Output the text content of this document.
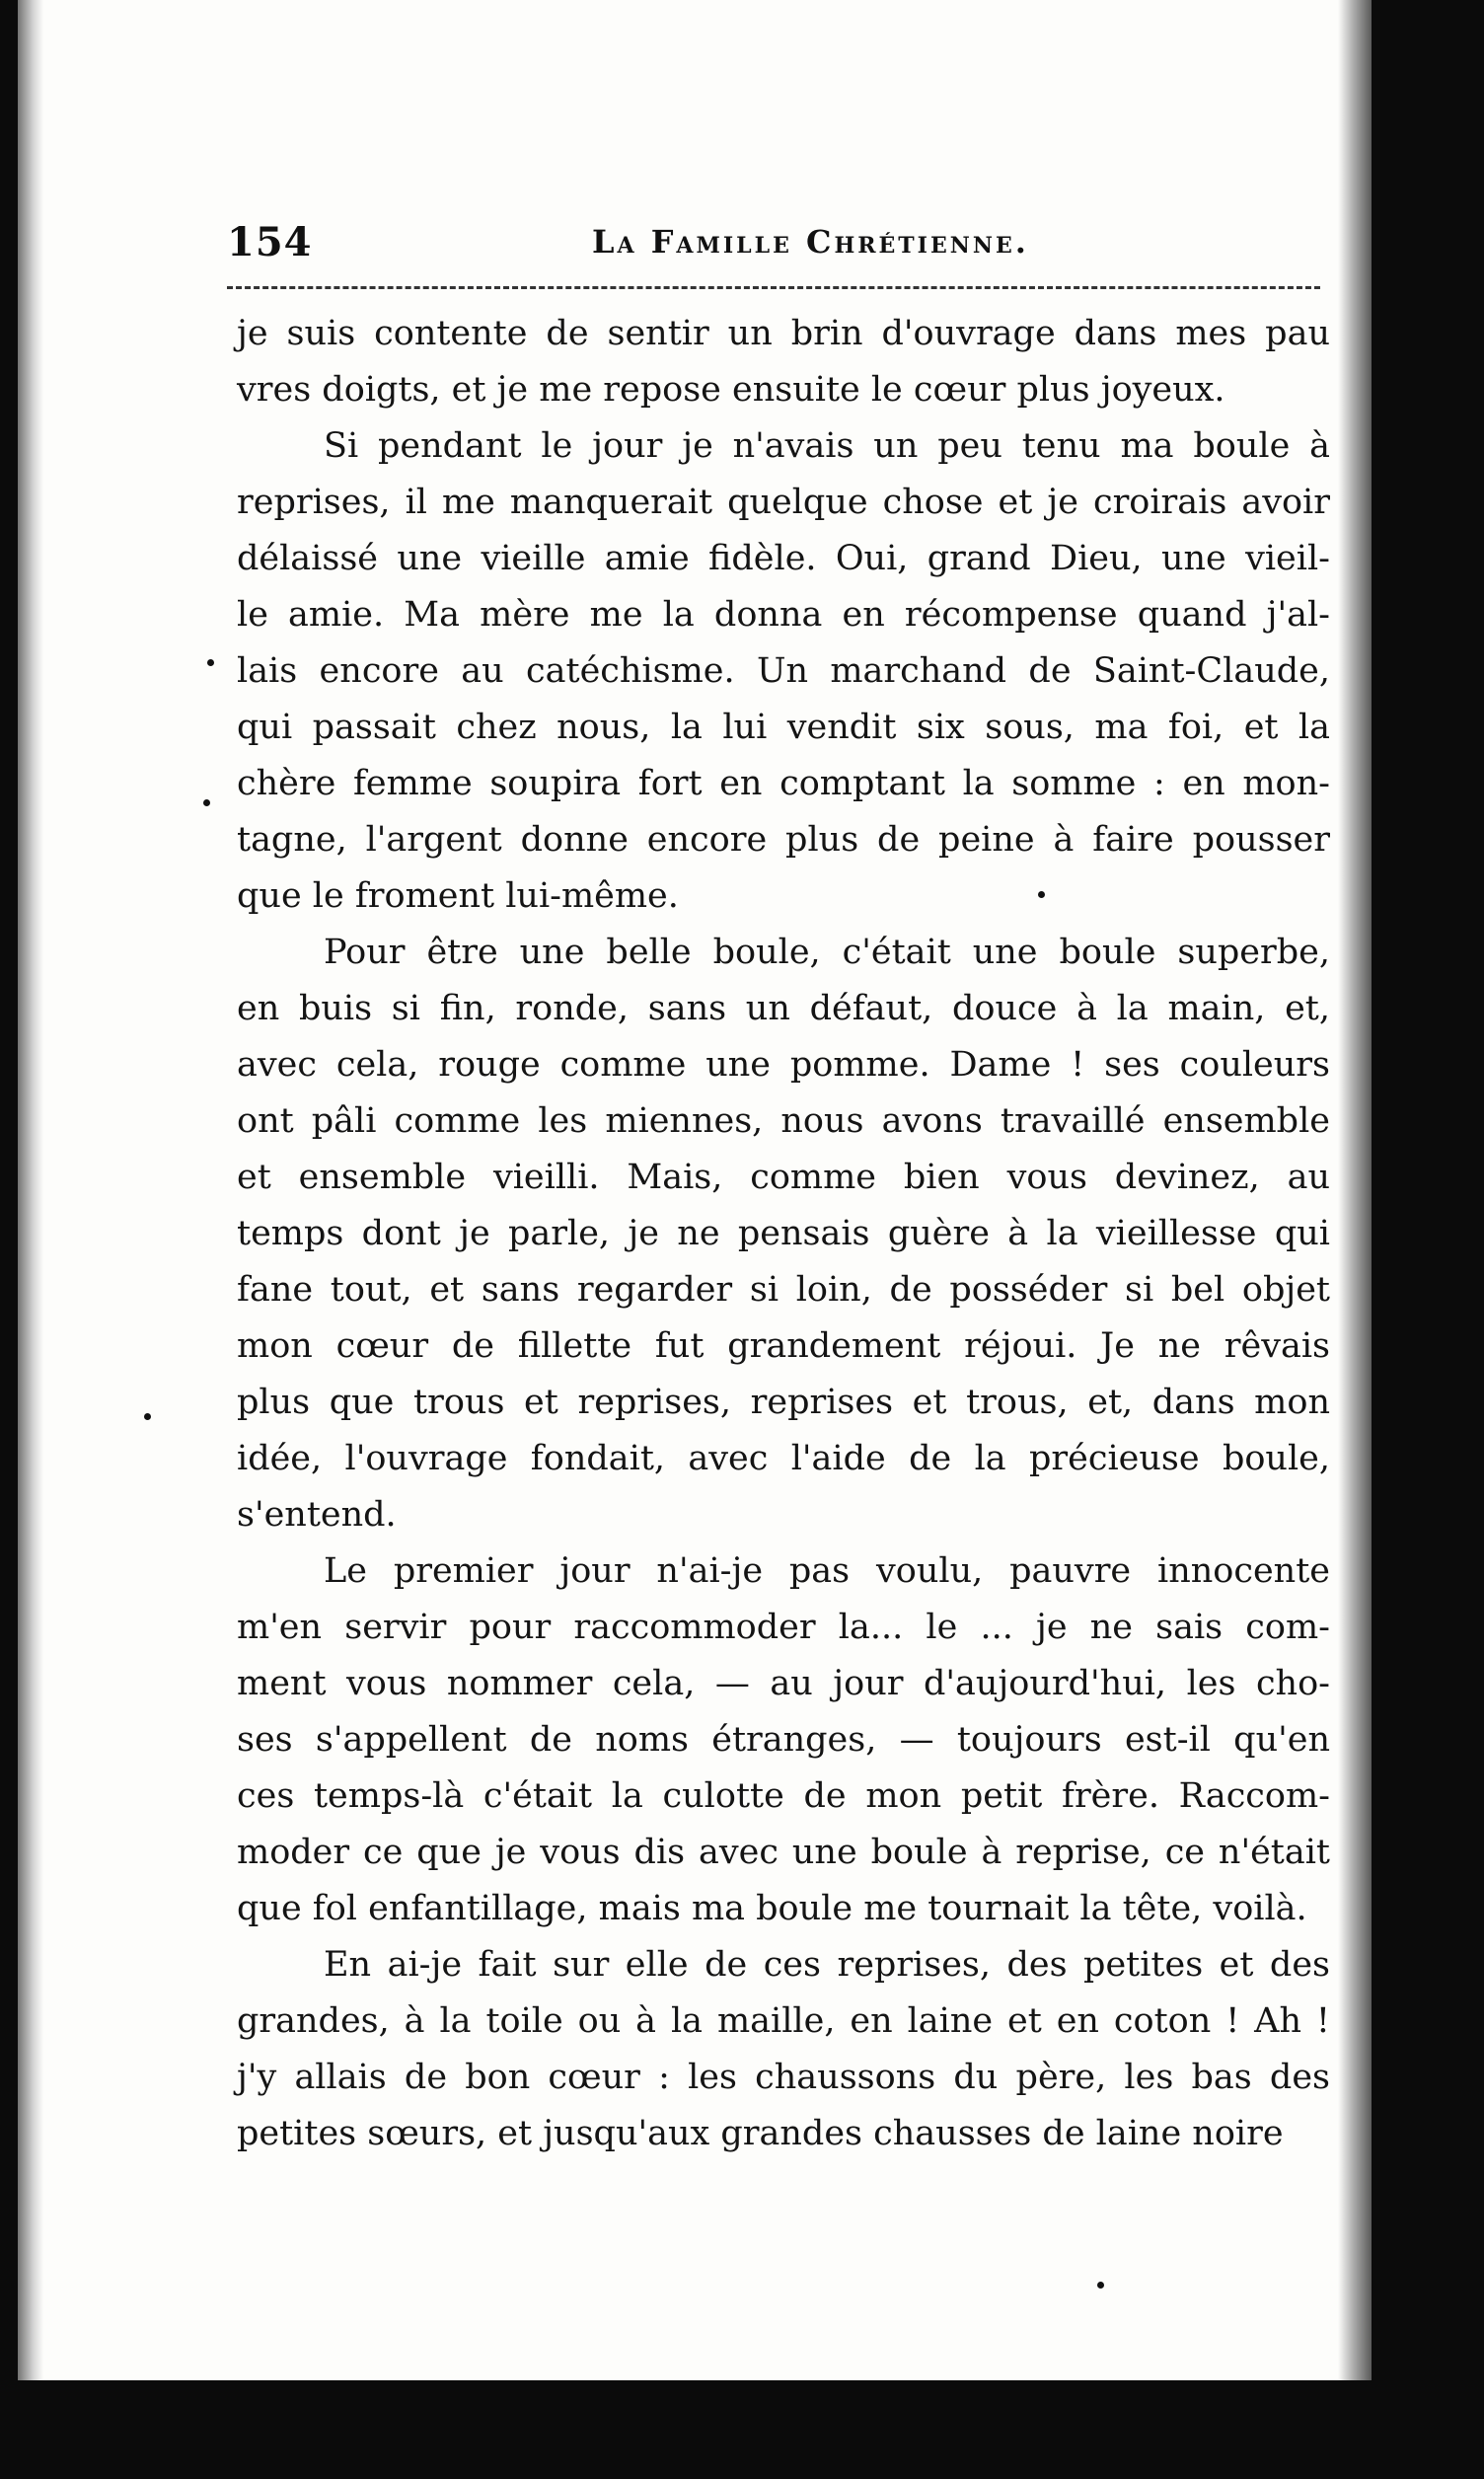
154	La Famille Chrétienne.
je suis contente de sentir un brin d'ouvrage dans mes pau
vres doigts, et je me repose ensuite le cœur plus joyeux.
Si pendant le jour je n'avais un peu tenu ma boule à
reprises, il me manquerait quelque chose et je croirais avoir
délaissé une vieille amie fidèle. Oui, grand Dieu, une vieil-
le amie. Ma mère me la donna en récompense quand j'al-
lais encore au catéchisme. Un marchand de Saint-Claude,
qui passait chez nous, la lui vendit six sous, ma foi, et la
chère femme soupira fort en comptant la somme : en mon-
tagne, l'argent donne encore plus de peine à faire pousser
que le froment lui-même.
Pour être une belle boule, c'était une boule superbe,
en buis si fin, ronde, sans un défaut, douce à la main, et,
avec cela, rouge comme une pomme. Dame ! ses couleurs
ont pâli comme les miennes, nous avons travaillé ensemble
et ensemble vieilli. Mais, comme bien vous devinez, au
temps dont je parle, je ne pensais guère à la vieillesse qui
fane tout, et sans regarder si loin, de posséder si bel objet
mon cœur de fillette fut grandement réjoui. Je ne rêvais
plus que trous et reprises, reprises et trous, et, dans mon
idée, l'ouvrage fondait, avec l'aide de la précieuse boule,
s'entend.
Le premier jour n'ai-je pas voulu, pauvre innocente
m'en servir pour raccommoder la... le ... je ne sais com-
ment vous nommer cela, — au jour d'aujourd'hui, les cho-
ses s'appellent de noms étranges, — toujours est-il qu'en
ces temps-là c'était la culotte de mon petit frère. Raccom-
moder ce que je vous dis avec une boule à reprise, ce n'était
que fol enfantillage, mais ma boule me tournait la tête, voilà.
En ai-je fait sur elle de ces reprises, des petites et des
grandes, à la toile ou à la maille, en laine et en coton ! Ah !
j'y allais de bon cœur : les chaussons du père, les bas des
petites sœurs, et jusqu'aux grandes chausses de laine noire
